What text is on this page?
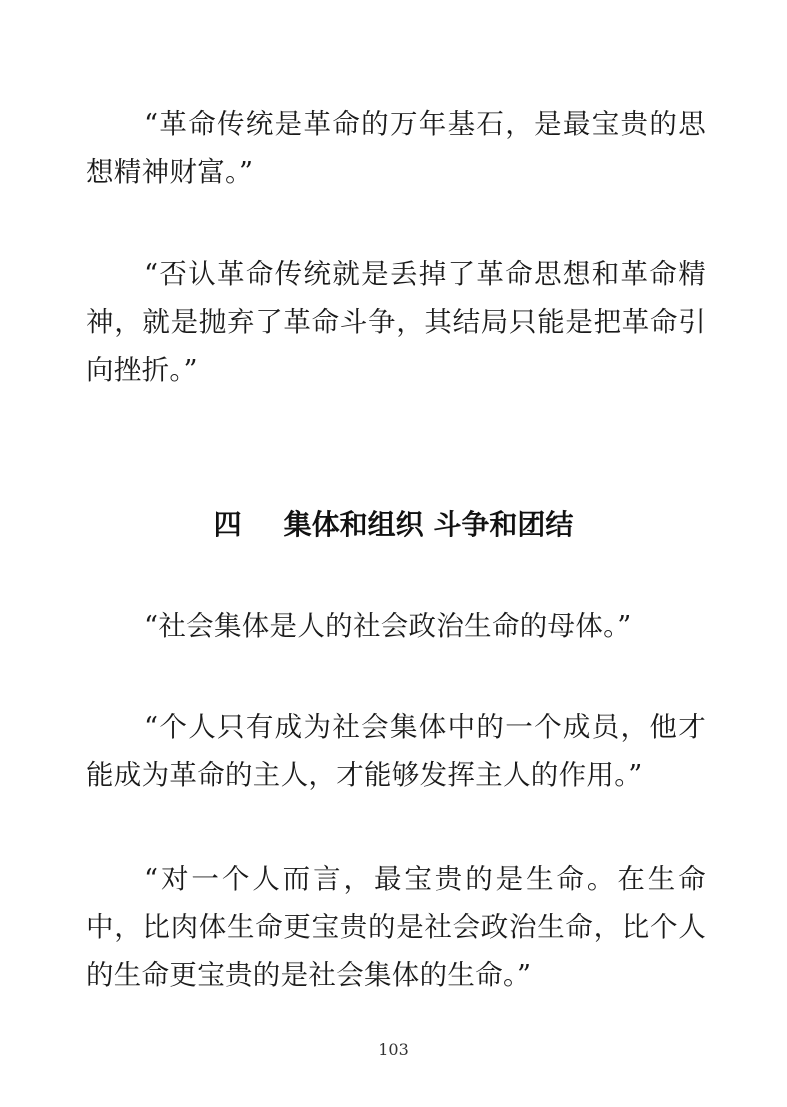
“革命传统是革命的万年基石，是最宝贵的思想精神财富。”

“否认革命传统就是丢掉了革命思想和革命精神，就是抛弃了革命斗争，其结局只能是把革命引向挫折。”

四 集体和组织 斗争和团结

“社会集体是人的社会政治生命的母体。”

“个人只有成为社会集体中的一个成员，他才能成为革命的主人，才能够发挥主人的作用。”

“对一个人而言，最宝贵的是生命。在生命中，比肉体生命更宝贵的是社会政治生命，比个人的生命更宝贵的是社会集体的生命。”

103
